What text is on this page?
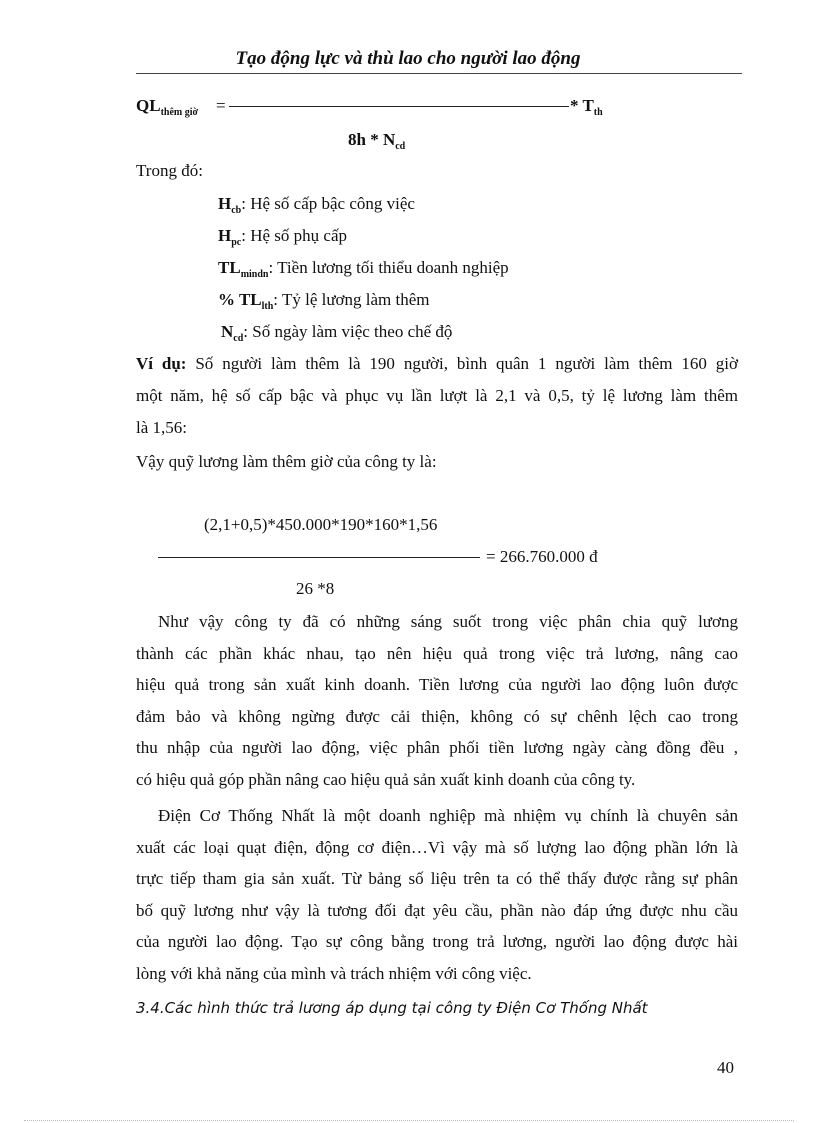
Tạo động lực và thù lao cho người lao động
$QL_{thêm giờ}$ =	* $T_{th}$
$8h * N_{cd}$
Trong đó:
$H_{cb}$: Hệ số cấp bậc công việc
$H_{pc}$: Hệ số phụ cấp
$TL_{mindn}$: Tiền lương tối thiểu doanh nghiệp
% $TL_{lth}$: Tỷ lệ lương làm thêm
$N_{cd}$: Số ngày làm việc theo chế độ
Ví dụ: Số người làm thêm là 190 người, bình quân 1 người làm thêm 160 giờ
một năm, hệ số cấp bậc và phục vụ lần lượt là 2,1 và 0,5, tỷ lệ lương làm thêm
là 1,56:
Vậy quỹ lương làm thêm giờ của công ty là:
(2,1+0,5)*450.000*190*160*1,56
= 266.760.000 đ
26 *8
Như vậy công ty đã có những sáng suốt trong việc phân chia quỹ lương
thành các phần khác nhau, tạo nên hiệu quả trong việc trả lương, nâng cao
hiệu quả trong sản xuất kinh doanh. Tiền lương của người lao động luôn được
đảm bảo và không ngừng được cải thiện, không có sự chênh lệch cao trong
thu nhập của người lao động, việc phân phối tiền lương ngày càng đồng đều ,
có hiệu quả góp phần nâng cao hiệu quả sản xuất kinh doanh của công ty.
Điện Cơ Thống Nhất là một doanh nghiệp mà nhiệm vụ chính là chuyên sản
xuất các loại quạt điện, động cơ điện…Vì vậy mà số lượng lao động phần lớn là
trực tiếp tham gia sản xuất. Từ bảng số liệu trên ta có thể thấy được rằng sự phân
bố quỹ lương như vậy là tương đối đạt yêu cầu, phần nào đáp ứng được nhu cầu
của người lao động. Tạo sự công bằng trong trả lương, người lao động được hài
lòng với khả năng của mình và trách nhiệm với công việc.
3.4.Các hình thức trả lương áp dụng tại công ty Điện Cơ Thống Nhất
40
